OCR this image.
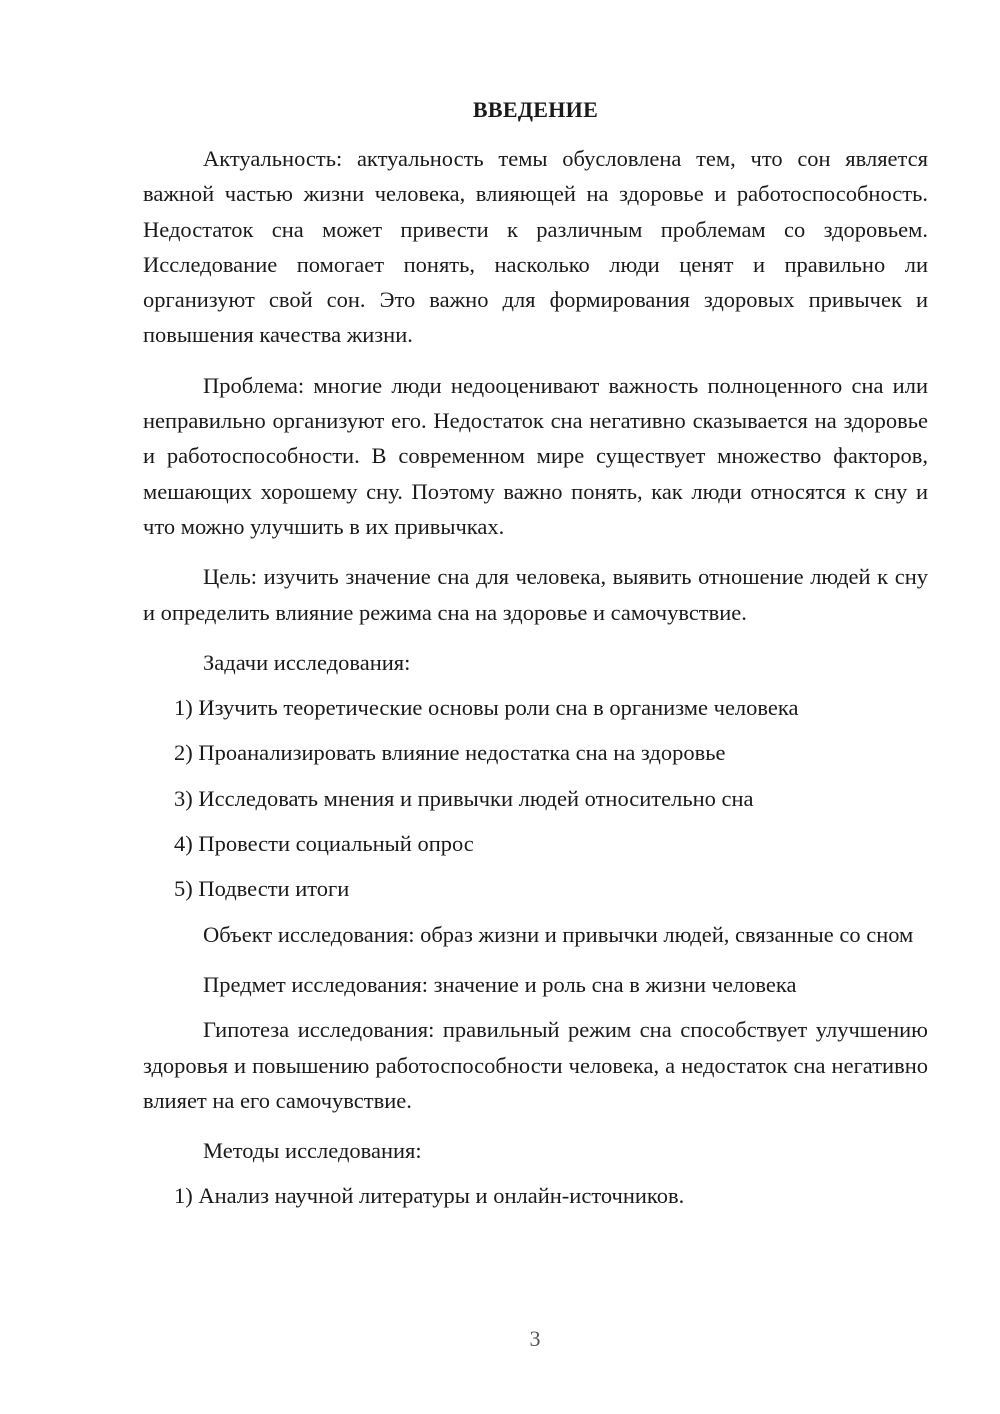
ВВЕДЕНИЕ

Актуальность: актуальность темы обусловлена тем, что сон является важной частью жизни человека, влияющей на здоровье и работоспособность. Недостаток сна может привести к различным проблемам со здоровьем. Исследование помогает понять, насколько люди ценят и правильно ли организуют свой сон. Это важно для формирования здоровых привычек и повышения качества жизни.

Проблема: многие люди недооценивают важность полноценного сна или неправильно организуют его. Недостаток сна негативно сказывается на здоровье и работоспособности. В современном мире существует множество факторов, мешающих хорошему сну. Поэтому важно понять, как люди относятся к сну и что можно улучшить в их привычках.

Цель: изучить значение сна для человека, выявить отношение людей к сну и определить влияние режима сна на здоровье и самочувствие.

Задачи исследования:

1) Изучить теоретические основы роли сна в организме человека

2) Проанализировать влияние недостатка сна на здоровье

3) Исследовать мнения и привычки людей относительно сна

4) Провести социальный опрос

5) Подвести итоги

Объект исследования: образ жизни и привычки людей, связанные со сном

Предмет исследования: значение и роль сна в жизни человека

Гипотеза исследования: правильный режим сна способствует улучшению здоровья и повышению работоспособности человека, а недостаток сна негативно влияет на его самочувствие.

Методы исследования:

1) Анализ научной литературы и онлайн-источников.

3
